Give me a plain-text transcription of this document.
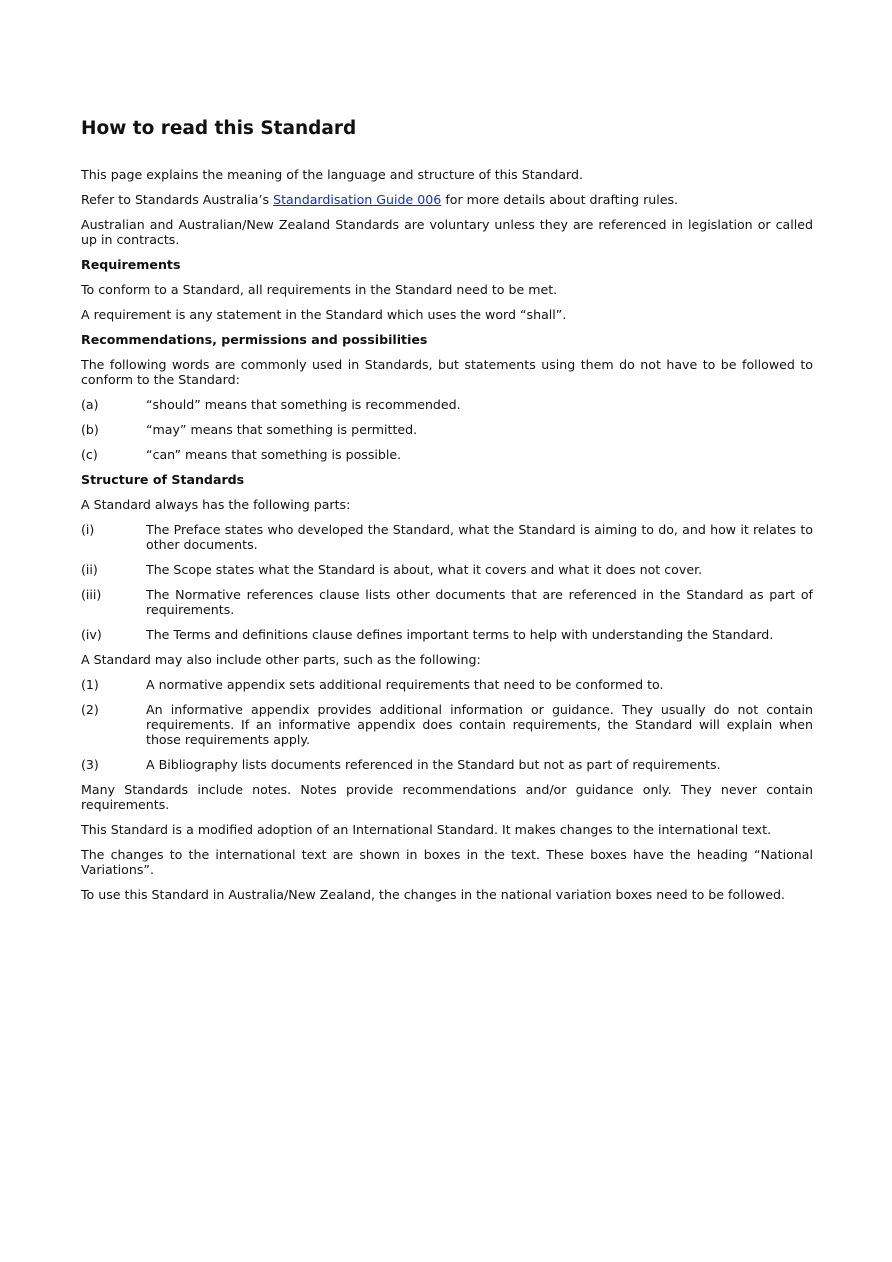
How to read this Standard

This page explains the meaning of the language and structure of this Standard.

Refer to Standards Australia’s Standardisation Guide 006 for more details about drafting rules.

Australian and Australian/New Zealand Standards are voluntary unless they are referenced in legislation or called up in contracts.

Requirements

To conform to a Standard, all requirements in the Standard need to be met.

A requirement is any statement in the Standard which uses the word “shall”.

Recommendations, permissions and possibilities

The following words are commonly used in Standards, but statements using them do not have to be followed to conform to the Standard:

(a)	“should” means that something is recommended.
(b)	“may” means that something is permitted.
(c)	“can” means that something is possible.
Structure of Standards

A Standard always has the following parts:

(i)	The Preface states who developed the Standard, what the Standard is aiming to do, and how it relates to other documents.
(ii)	The Scope states what the Standard is about, what it covers and what it does not cover.
(iii)	The Normative references clause lists other documents that are referenced in the Standard as part of requirements.
(iv)	The Terms and definitions clause defines important terms to help with understanding the Standard.

A Standard may also include other parts, such as the following:

(1)	A normative appendix sets additional requirements that need to be conformed to.
(2)	An informative appendix provides additional information or guidance. They usually do not contain requirements. If an informative appendix does contain requirements, the Standard will explain when those requirements apply.
(3)	A Bibliography lists documents referenced in the Standard but not as part of requirements.

Many Standards include notes. Notes provide recommendations and/or guidance only. They never contain requirements.

This Standard is a modified adoption of an International Standard. It makes changes to the international text.

The changes to the international text are shown in boxes in the text. These boxes have the heading “National Variations”.

To use this Standard in Australia/New Zealand, the changes in the national variation boxes need to be followed.
